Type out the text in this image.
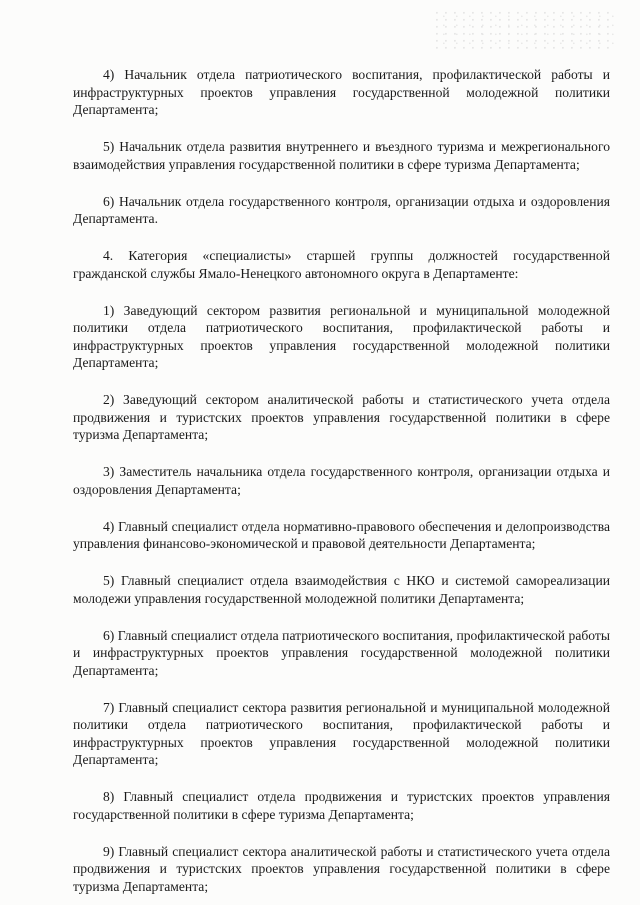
4) Начальник отдела патриотического воспитания, профилактической работы и инфраструктурных проектов управления государственной молодежной политики Департамента;

5) Начальник отдела развития внутреннего и въездного туризма и межрегионального взаимодействия управления государственной политики в сфере туризма Департамента;

6) Начальник отдела государственного контроля, организации отдыха и оздоровления Департамента.

4. Категория «специалисты» старшей группы должностей государственной гражданской службы Ямало-Ненецкого автономного округа в Департаменте:

1) Заведующий сектором развития региональной и муниципальной молодежной политики отдела патриотического воспитания, профилактической работы и инфраструктурных проектов управления государственной молодежной политики Департамента;

2) Заведующий сектором аналитической работы и статистического учета отдела продвижения и туристских проектов управления государственной политики в сфере туризма Департамента;

3) Заместитель начальника отдела государственного контроля, организации отдыха и оздоровления Департамента;

4) Главный специалист отдела нормативно-правового обеспечения и делопроизводства управления финансово-экономической и правовой деятельности Департамента;

5) Главный специалист отдела взаимодействия с НКО и системой самореализации молодежи управления государственной молодежной политики Департамента;

6) Главный специалист отдела патриотического воспитания, профилактической работы и инфраструктурных проектов управления государственной молодежной политики Департамента;

7) Главный специалист сектора развития региональной и муниципальной молодежной политики отдела патриотического воспитания, профилактической работы и инфраструктурных проектов управления государственной молодежной политики Департамента;

8) Главный специалист отдела продвижения и туристских проектов управления государственной политики в сфере туризма Департамента;

9) Главный специалист сектора аналитической работы и статистического учета отдела продвижения и туристских проектов управления государственной политики в сфере туризма Департамента;
